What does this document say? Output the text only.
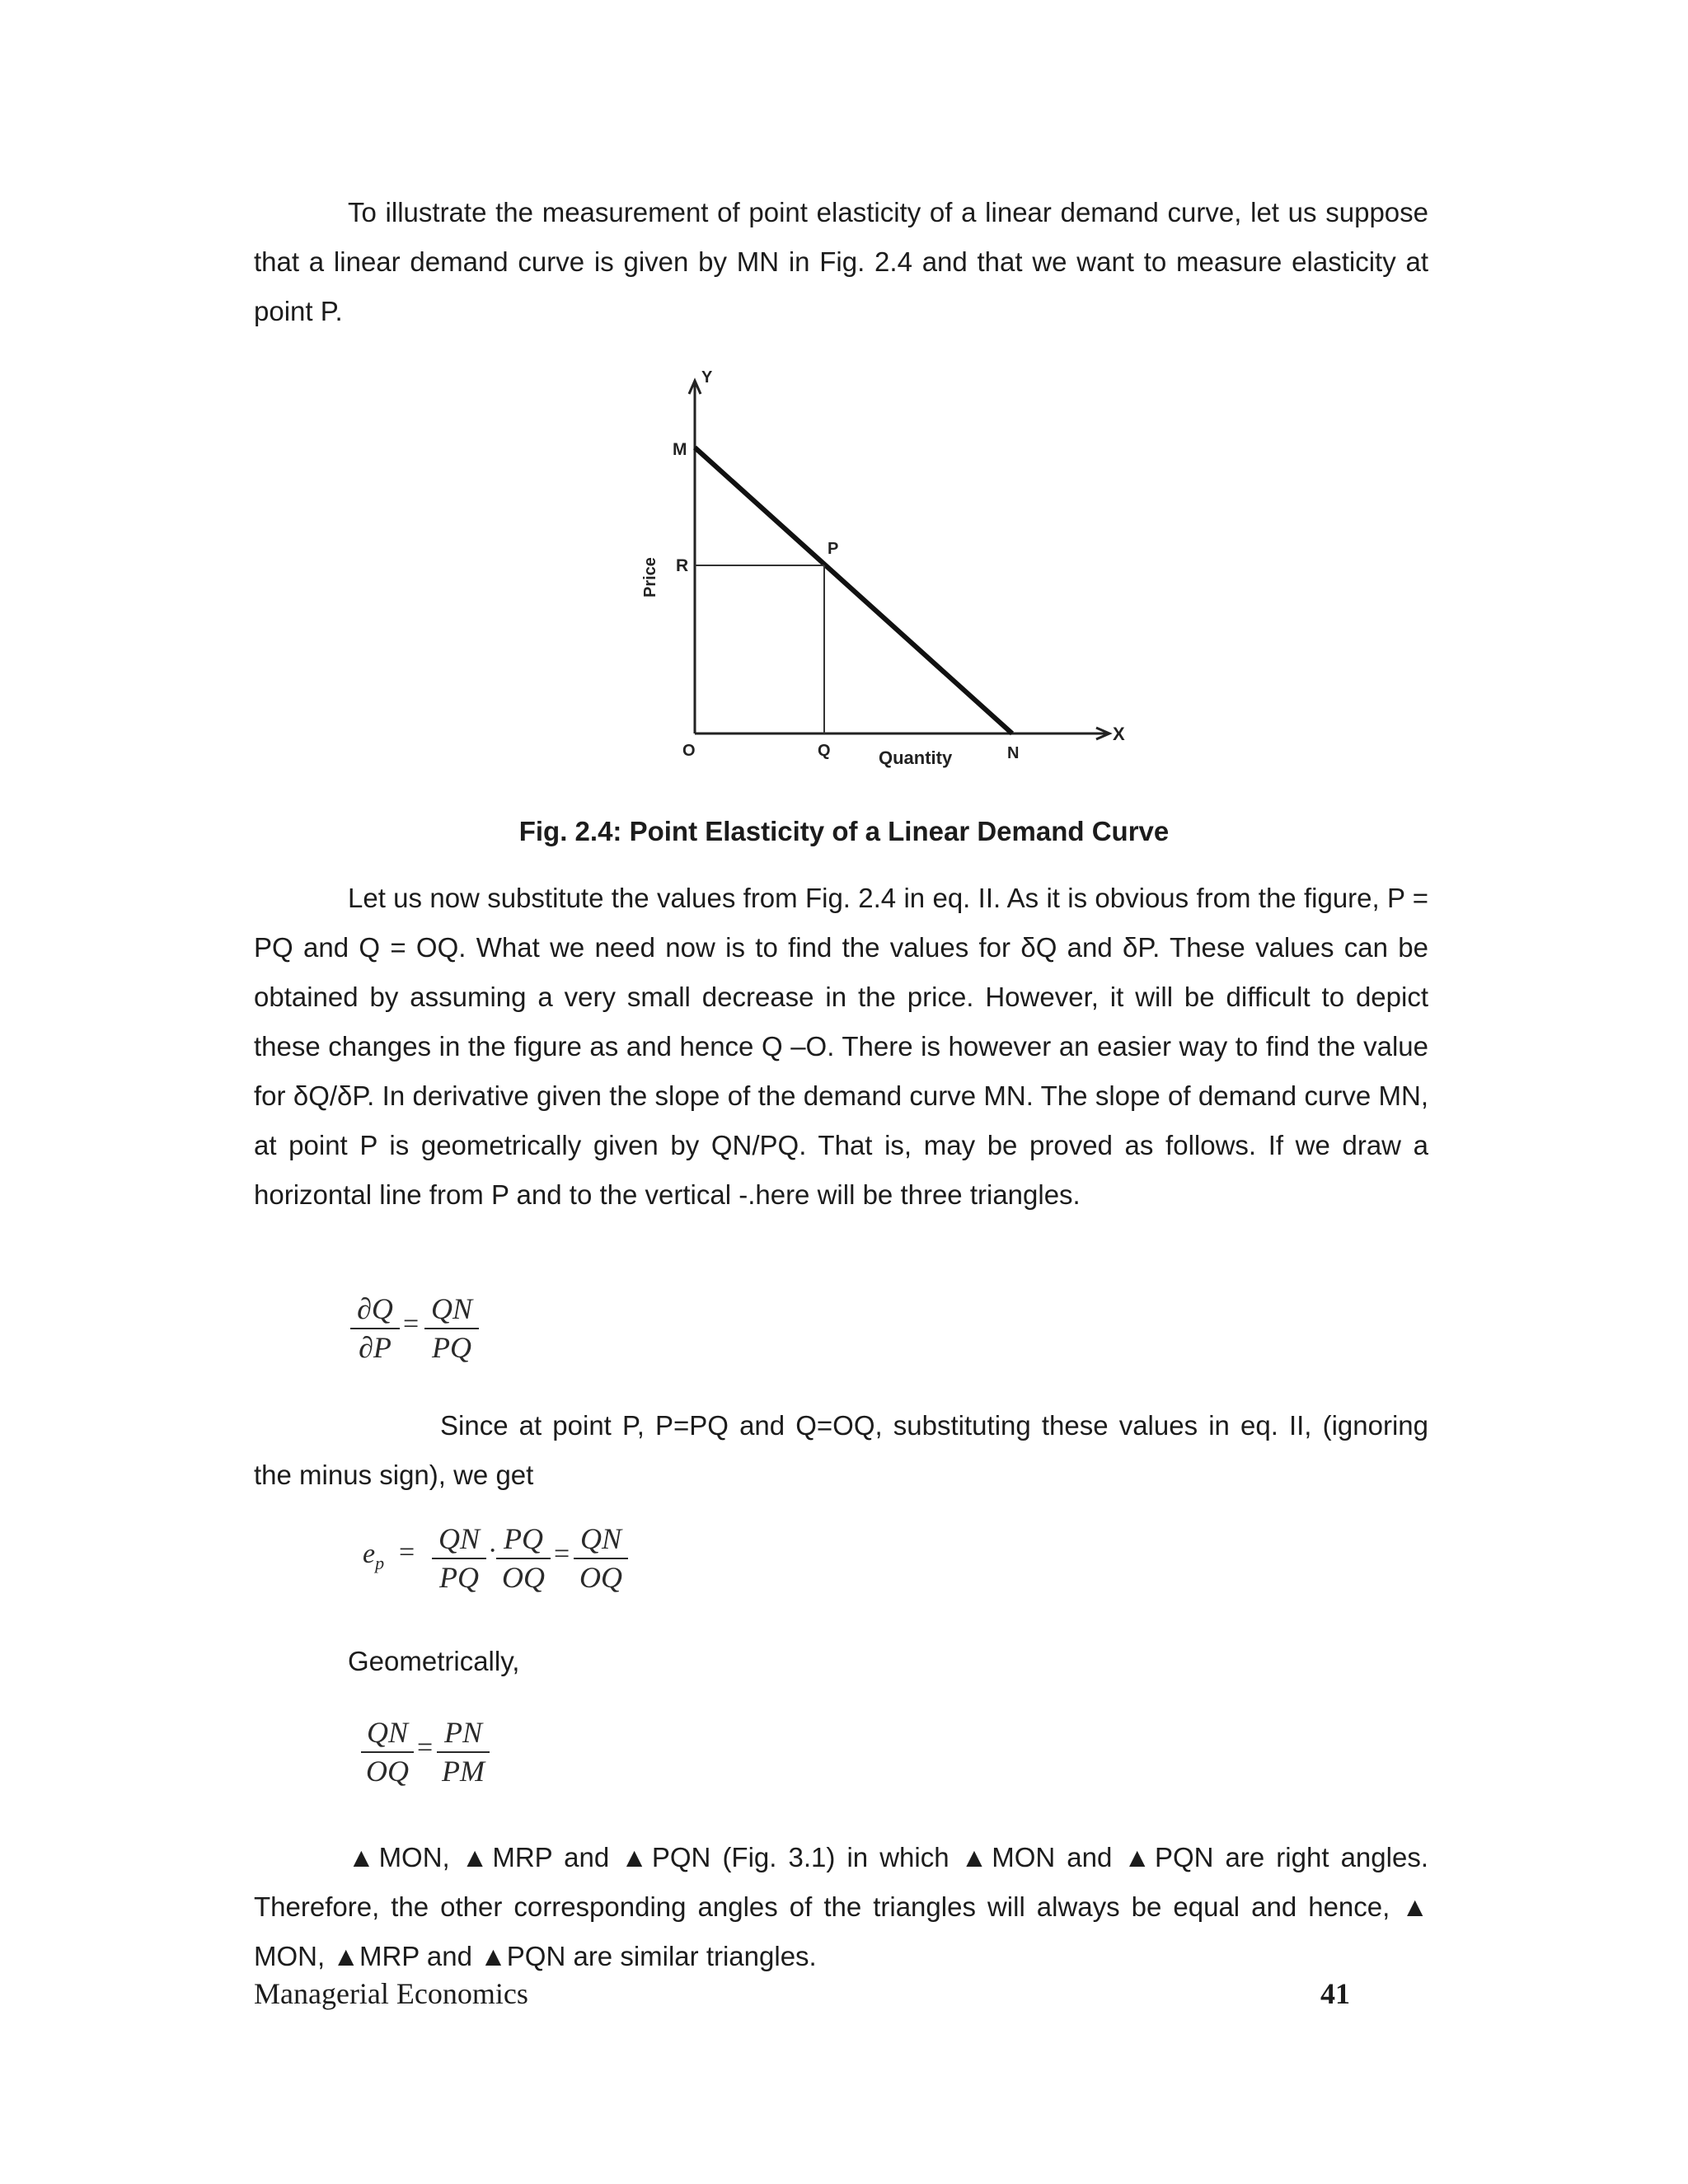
To illustrate the measurement of point elasticity of a linear demand curve, let us suppose that a linear demand curve is given by MN in Fig. 2.4 and that we want to measure elasticity at point P.

Y
X
M
R
P
O	Q	N
Quantity
Price
Fig. 2.4: Point Elasticity of a Linear Demand Curve

Let us now substitute the values from Fig. 2.4 in eq. II. As it is obvious from the figure, P = PQ and Q = OQ. What we need now is to find the values for δQ and δP. These values can be obtained by assuming a very small decrease in the price. However, it will be difficult to depict these changes in the figure as and hence Q –O. There is however an easier way to find the value for δQ/δP. In derivative given the slope of the demand curve MN. The slope of demand curve MN, at point P is geometrically given by QN/PQ. That is, may be proved as follows. If we draw a horizontal line from P and to the vertical -.here will be three triangles.

$\frac{\partial Q}{\partial P} = \frac{QN}{PQ}$

Since at point P, P=PQ and Q=OQ, substituting these values in eq. II, (ignoring the minus sign), we get

$e_p = \frac{QN}{PQ}$ ·
$\frac{PQ}{OQ} = \frac{QN}{OQ}$
Geometrically,
$\frac{QN}{OQ} = \frac{PN}{PM}$

▲MON, ▲MRP and ▲PQN (Fig. 3.1) in which ▲MON and ▲PQN are right angles. Therefore, the other corresponding angles of the triangles will always be equal and hence, ▲ MON, ▲MRP and ▲PQN are similar triangles.

Managerial Economics	41
